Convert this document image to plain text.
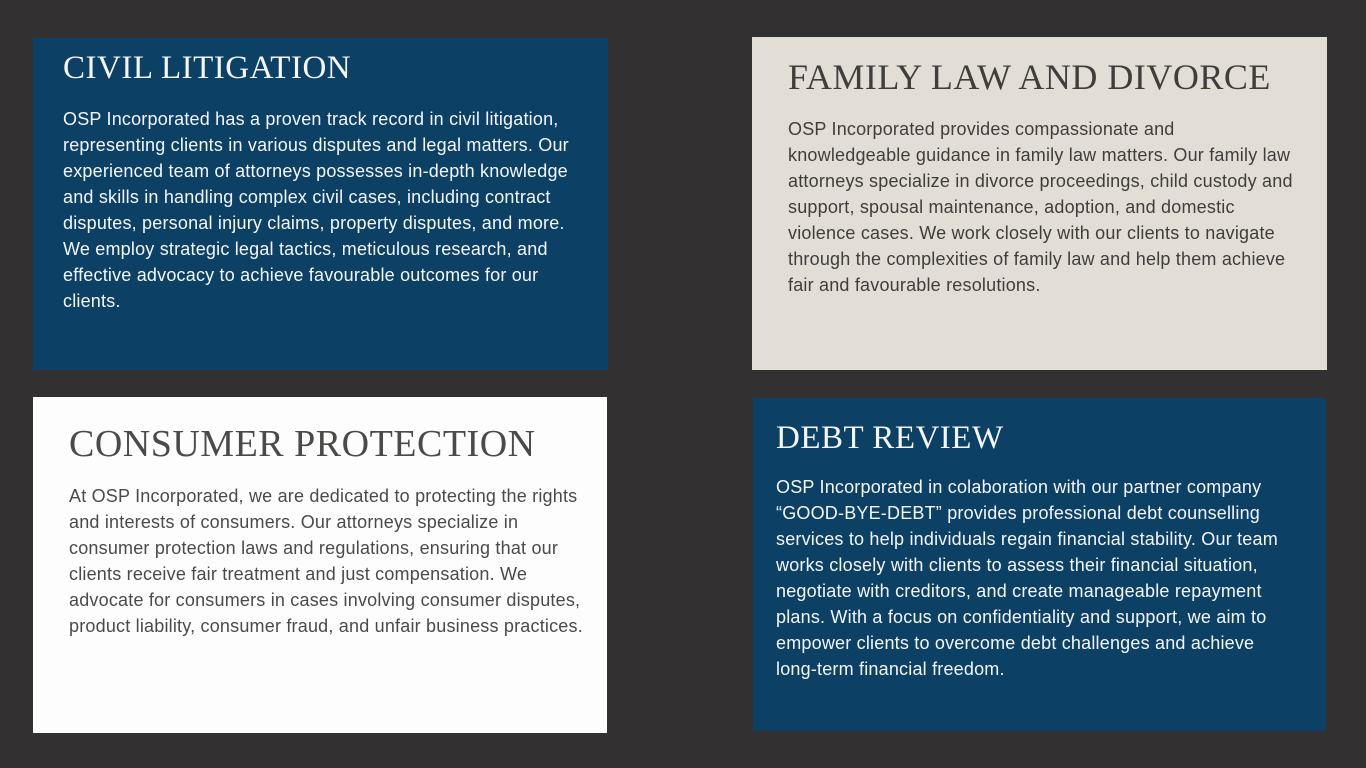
CIVIL LITIGATION

OSP Incorporated has a proven track record in civil litigation, representing clients in various disputes and legal matters. Our experienced team of attorneys possesses in-depth knowledge and skills in handling complex civil cases, including contract disputes, personal injury claims, property disputes, and more. We employ strategic legal tactics, meticulous research, and effective advocacy to achieve favourable outcomes for our clients.

FAMILY LAW AND DIVORCE

OSP Incorporated provides compassionate and knowledgeable guidance in family law matters. Our family law attorneys specialize in divorce proceedings, child custody and support, spousal maintenance, adoption, and domestic violence cases. We work closely with our clients to navigate through the complexities of family law and help them achieve fair and favourable resolutions.

CONSUMER PROTECTION

At OSP Incorporated, we are dedicated to protecting the rights and interests of consumers. Our attorneys specialize in consumer protection laws and regulations, ensuring that our clients receive fair treatment and just compensation. We advocate for consumers in cases involving consumer disputes, product liability, consumer fraud, and unfair business practices.

DEBT REVIEW

OSP Incorporated in colaboration with our partner company “GOOD-BYE-DEBT” provides professional debt counselling services to help individuals regain financial stability. Our team works closely with clients to assess their financial situation, negotiate with creditors, and create manageable repayment plans. With a focus on confidentiality and support, we aim to empower clients to overcome debt challenges and achieve long-term financial freedom.
